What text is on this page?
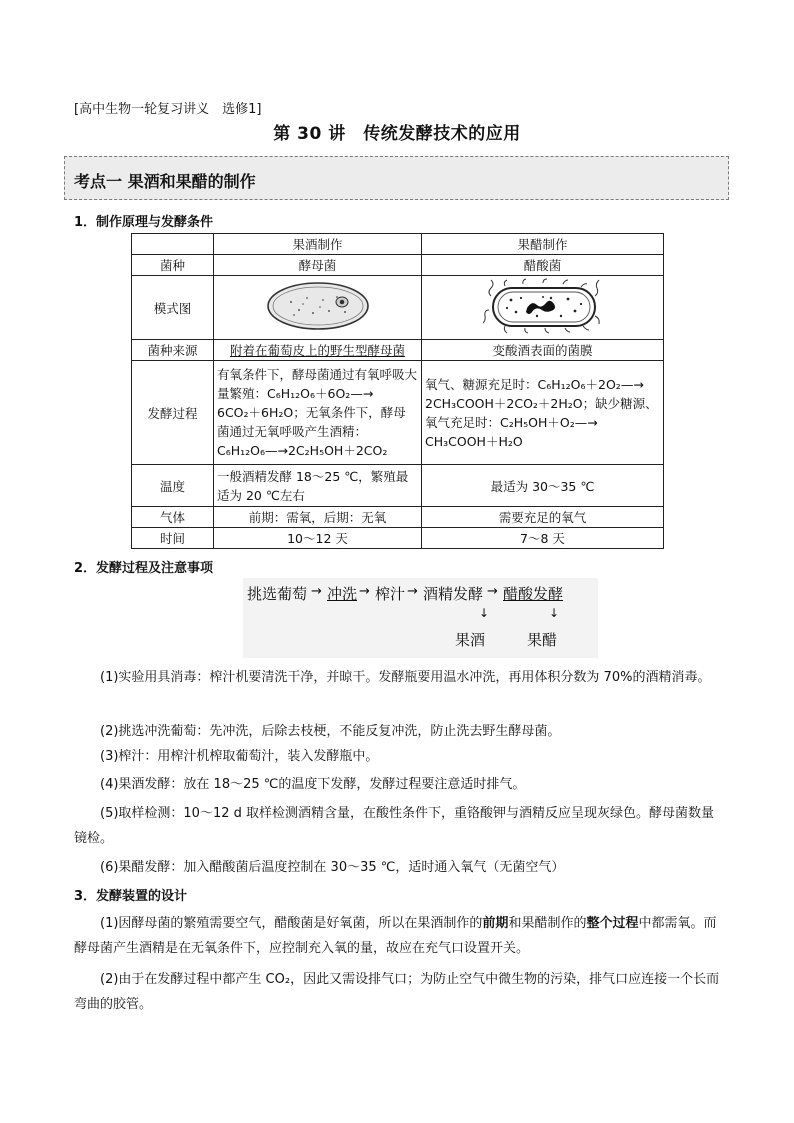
[高中生物一轮复习讲义　选修1]
第 30 讲　传统发酵技术的应用
考点一 果酒和果醋的制作
1．制作原理与发酵条件
	果酒制作	果醋制作
菌种	酵母菌	醋酸菌
模式图		
菌种来源	附着在葡萄皮上的野生型酵母菌	变酸酒表面的菌膜
发酵过程	有氧条件下，酵母菌通过有氧呼吸大量繁殖：C₆H₁₂O₆＋6O₂—→
6CO₂＋6H₂O；无氧条件下，酵母菌通过无氧呼吸产生酒精：
C₆H₁₂O₆—→2C₂H₅OH＋2CO₂	氧气、糖源充足时：C₆H₁₂O₆＋2O₂—→
2CH₃COOH＋2CO₂＋2H₂O；缺少糖源、氧气充足时：C₂H₅OH＋O₂—→
CH₃COOH＋H₂O
温度	一般酒精发酵 18～25 ℃，繁殖最适为 20 ℃左右	最适为 30～35 ℃
气体	前期：需氧，后期：无氧	需要充足的氧气
时间	10～12 天	7～8 天
2．发酵过程及注意事项
挑选葡萄 → 冲洗 → 榨汁 → 酒精发酵 → 醋酸发酵
↓	↓
果酒	果醋
(1)实验用具消毒：榨汁机要清洗干净，并晾干。发酵瓶要用温水冲洗，再用体积分数为 70%的酒精消毒。
(2)挑选冲洗葡萄：先冲洗，后除去枝梗，不能反复冲洗，防止洗去野生酵母菌。
(3)榨汁：用榨汁机榨取葡萄汁，装入发酵瓶中。
(4)果酒发酵：放在 18～25 ℃的温度下发酵，发酵过程要注意适时排气。
(5)取样检测：10～12 d 取样检测酒精含量，在酸性条件下，重铬酸钾与酒精反应呈现灰绿色。酵母菌数量镜检。
(6)果醋发酵：加入醋酸菌后温度控制在 30～35 ℃，适时通入氧气（无菌空气）
3．发酵装置的设计
(1)因酵母菌的繁殖需要空气，醋酸菌是好氧菌，所以在果酒制作的前期和果醋制作的整个过程中都需氧。而酵母菌产生酒精是在无氧条件下，应控制充入氧的量，故应在充气口设置开关。
(2)由于在发酵过程中都产生 CO₂，因此又需设排气口；为防止空气中微生物的污染，排气口应连接一个长而弯曲的胶管。
